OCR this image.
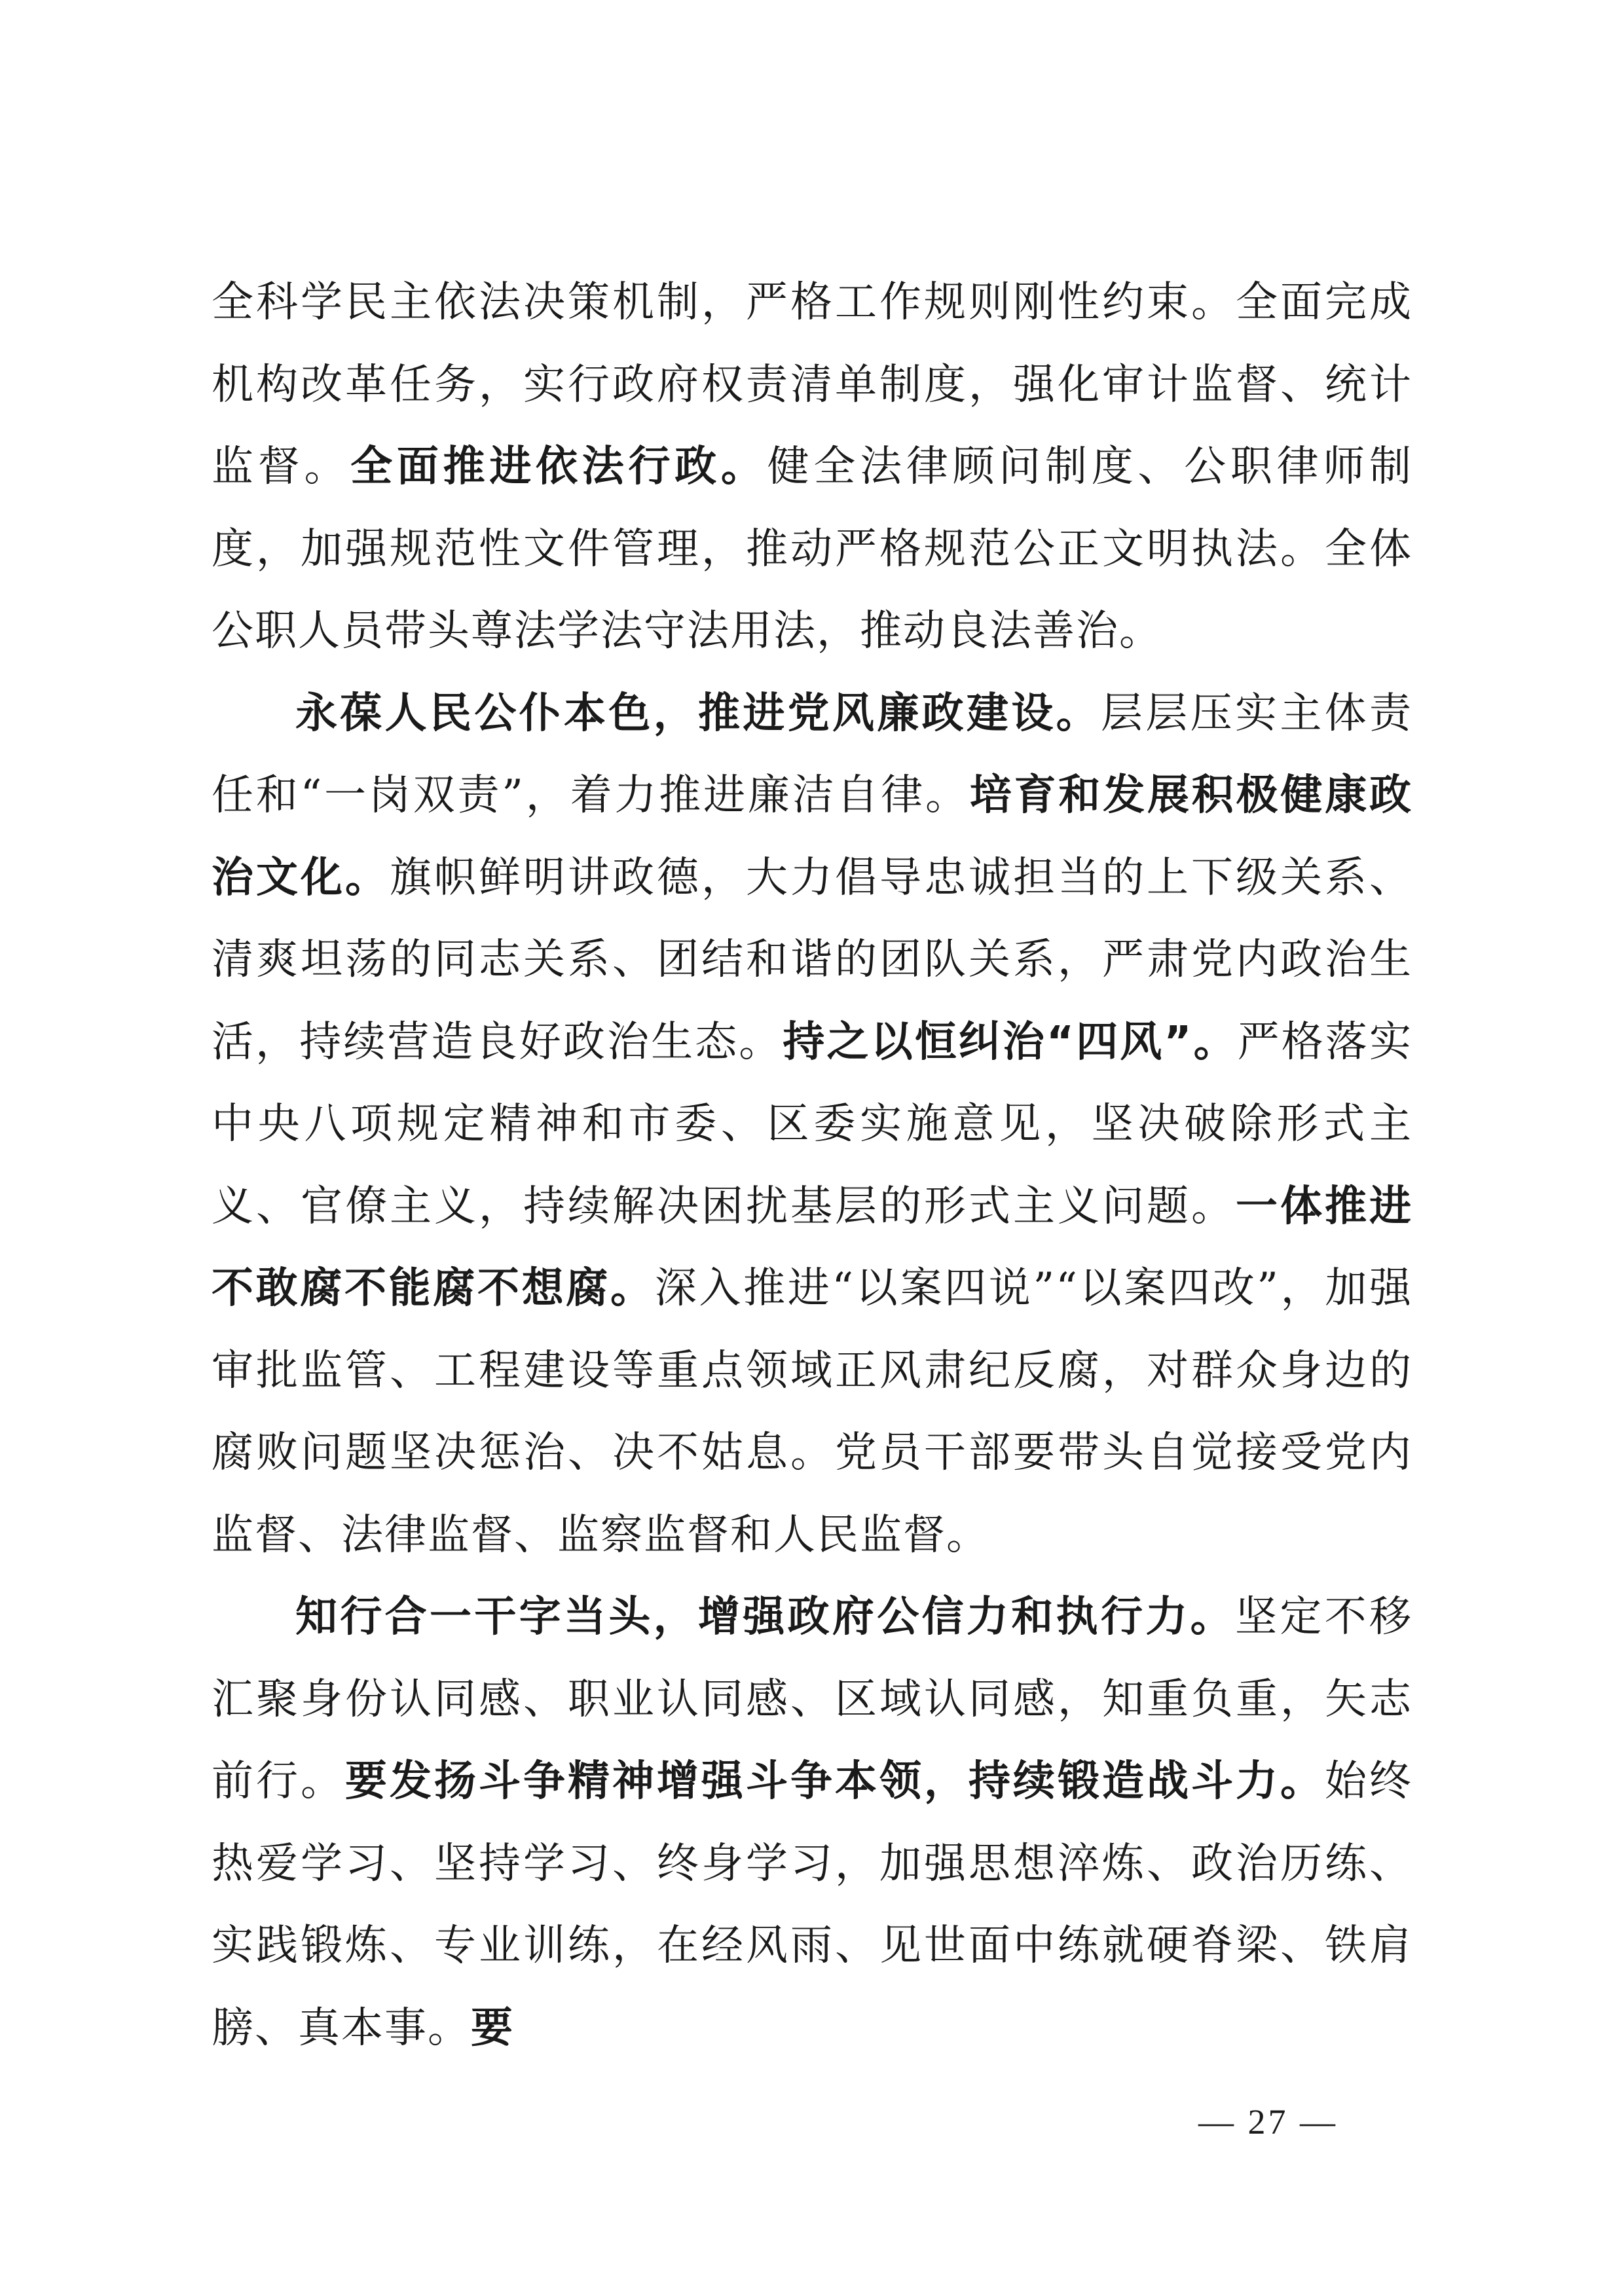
全科学民主依法决策机制，严格工作规则刚性约束。全面完成机构改革任务，实行政府权责清单制度，强化审计监督、统计监督。全面推进依法行政。健全法律顾问制度、公职律师制度，加强规范性文件管理，推动严格规范公正文明执法。全体公职人员带头尊法学法守法用法，推动良法善治。

永葆人民公仆本色，推进党风廉政建设。层层压实主体责任和“一岗双责”，着力推进廉洁自律。培育和发展积极健康政治文化。旗帜鲜明讲政德，大力倡导忠诚担当的上下级关系、清爽坦荡的同志关系、团结和谐的团队关系，严肃党内政治生活，持续营造良好政治生态。持之以恒纠治“四风”。严格落实中央八项规定精神和市委、区委实施意见，坚决破除形式主义、官僚主义，持续解决困扰基层的形式主义问题。一体推进不敢腐不能腐不想腐。深入推进“以案四说”“以案四改”，加强审批监管、工程建设等重点领域正风肃纪反腐，对群众身边的腐败问题坚决惩治、决不姑息。党员干部要带头自觉接受党内监督、法律监督、监察监督和人民监督。

知行合一干字当头，增强政府公信力和执行力。坚定不移汇聚身份认同感、职业认同感、区域认同感，知重负重，矢志前行。要发扬斗争精神增强斗争本领，持续锻造战斗力。始终热爱学习、坚持学习、终身学习，加强思想淬炼、政治历练、实践锻炼、专业训练，在经风雨、见世面中练就硬脊梁、铁肩膀、真本事。要

— 27 —
